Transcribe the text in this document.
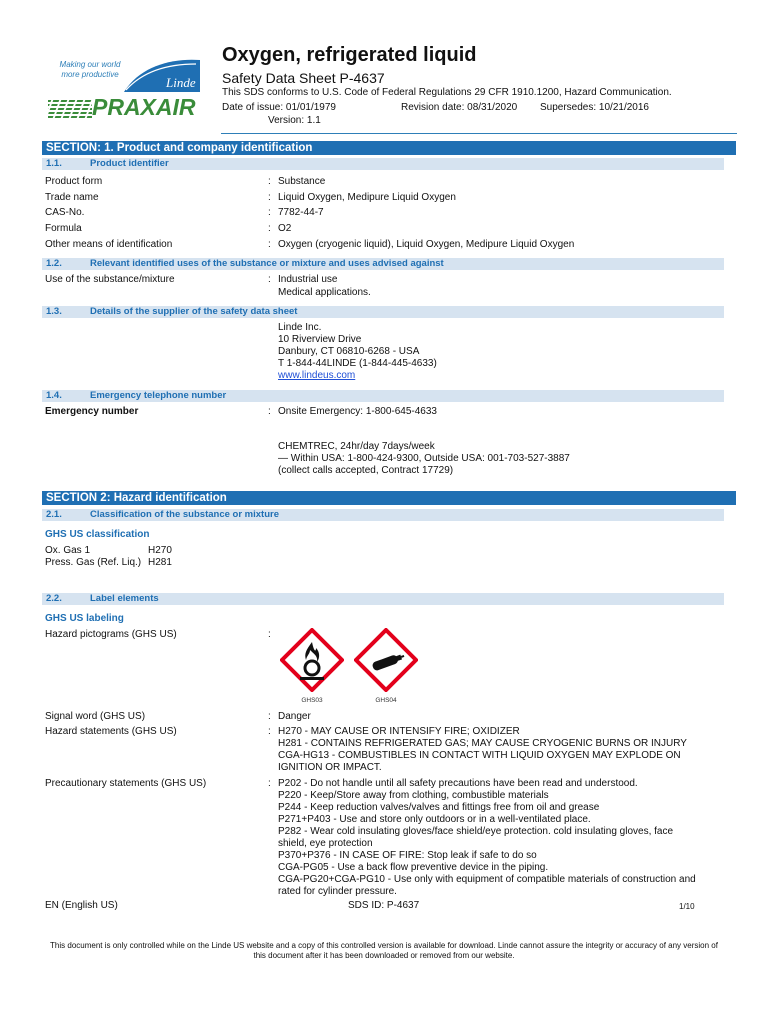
Making our world more productive
Linde
PRAXAIR
Oxygen, refrigerated liquid
Safety Data Sheet P-4637
This SDS conforms to U.S. Code of Federal Regulations 29 CFR 1910.1200, Hazard Communication.
Date of issue: 01/01/1979	Revision date: 08/31/2020 Supersedes: 10/21/2016
Version: 1.1
SECTION: 1. Product and company identification
1.1.	Product identifier
Product form	: Substance
Trade name	: Liquid Oxygen, Medipure Liquid Oxygen
CAS-No.	: 7782-44-7
Formula	: O2
Other means of identification	: Oxygen (cryogenic liquid), Liquid Oxygen, Medipure Liquid Oxygen
1.2.	Relevant identified uses of the substance or mixture and uses advised against
Use of the substance/mixture	: Industrial use
Medical applications.
1.3.	Details of the supplier of the safety data sheet
Linde Inc.
10 Riverview Drive
Danbury, CT 06810-6268 - USA
T 1-844-44LINDE (1-844-445-4633)
www.lindeus.com
1.4.	Emergency telephone number
Emergency number	: Onsite Emergency: 1-800-645-4633
CHEMTREC, 24hr/day 7days/week
— Within USA: 1-800-424-9300, Outside USA: 001-703-527-3887
(collect calls accepted, Contract 17729)
SECTION 2: Hazard identification
2.1.	Classification of the substance or mixture
GHS US classification
Ox. Gas 1	H270
Press. Gas (Ref. Liq.) H281
2.2.	Label elements
GHS US labeling
Hazard pictograms (GHS US)	:
GHS03	GHS04
Signal word (GHS US)	: Danger
Hazard statements (GHS US)	: H270 - MAY CAUSE OR INTENSIFY FIRE; OXIDIZER
H281 - CONTAINS REFRIGERATED GAS; MAY CAUSE CRYOGENIC BURNS OR INJURY
CGA-HG13 - COMBUSTIBLES IN CONTACT WITH LIQUID OXYGEN MAY EXPLODE ON
IGNITION OR IMPACT.
Precautionary statements (GHS US)	: P202 - Do not handle until all safety precautions have been read and understood.
P220 - Keep/Store away from clothing, combustible materials
P244 - Keep reduction valves/valves and fittings free from oil and grease
P271+P403 - Use and store only outdoors or in a well-ventilated place.
P282 - Wear cold insulating gloves/face shield/eye protection. cold insulating gloves, face
shield, eye protection
P370+P376 - IN CASE OF FIRE: Stop leak if safe to do so
CGA-PG05 - Use a back flow preventive device in the piping.
CGA-PG20+CGA-PG10 - Use only with equipment of compatible materials of construction and
rated for cylinder pressure.
EN (English US)	SDS ID: P-4637	1/10
This document is only controlled while on the Linde US website and a copy of this controlled version is available for download. Linde cannot assure the integrity or accuracy of any version of this document after it has been downloaded or removed from our website.
